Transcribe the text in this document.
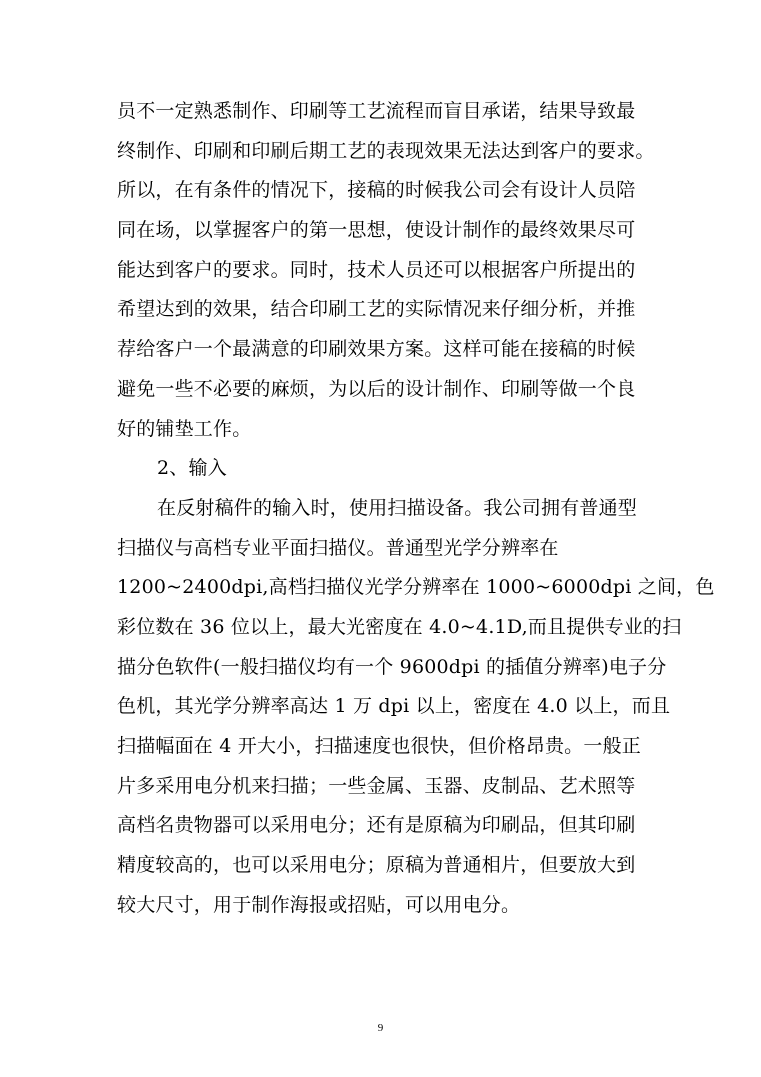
员不一定熟悉制作、印刷等工艺流程而盲目承诺，结果导致最
终制作、印刷和印刷后期工艺的表现效果无法达到客户的要求。
所以，在有条件的情况下，接稿的时候我公司会有设计人员陪
同在场，以掌握客户的第一思想，使设计制作的最终效果尽可
能达到客户的要求。同时，技术人员还可以根据客户所提出的
希望达到的效果，结合印刷工艺的实际情况来仔细分析，并推
荐给客户一个最满意的印刷效果方案。这样可能在接稿的时候
避免一些不必要的麻烦，为以后的设计制作、印刷等做一个良
好的铺垫工作。
2、输入
在反射稿件的输入时，使用扫描设备。我公司拥有普通型
扫描仪与高档专业平面扫描仪。普通型光学分辨率在
1200~2400dpi,高档扫描仪光学分辨率在 1000~6000dpi 之间，色
彩位数在 36 位以上，最大光密度在 4.0~4.1D,而且提供专业的扫
描分色软件(一般扫描仪均有一个 9600dpi 的插值分辨率)电子分
色机，其光学分辨率高达 1 万 dpi 以上，密度在 4.0 以上，而且
扫描幅面在 4 开大小，扫描速度也很快，但价格昂贵。一般正
片多采用电分机来扫描；一些金属、玉器、皮制品、艺术照等
高档名贵物器可以采用电分；还有是原稿为印刷品，但其印刷
精度较高的，也可以采用电分；原稿为普通相片，但要放大到
较大尺寸，用于制作海报或招贴，可以用电分。
9
